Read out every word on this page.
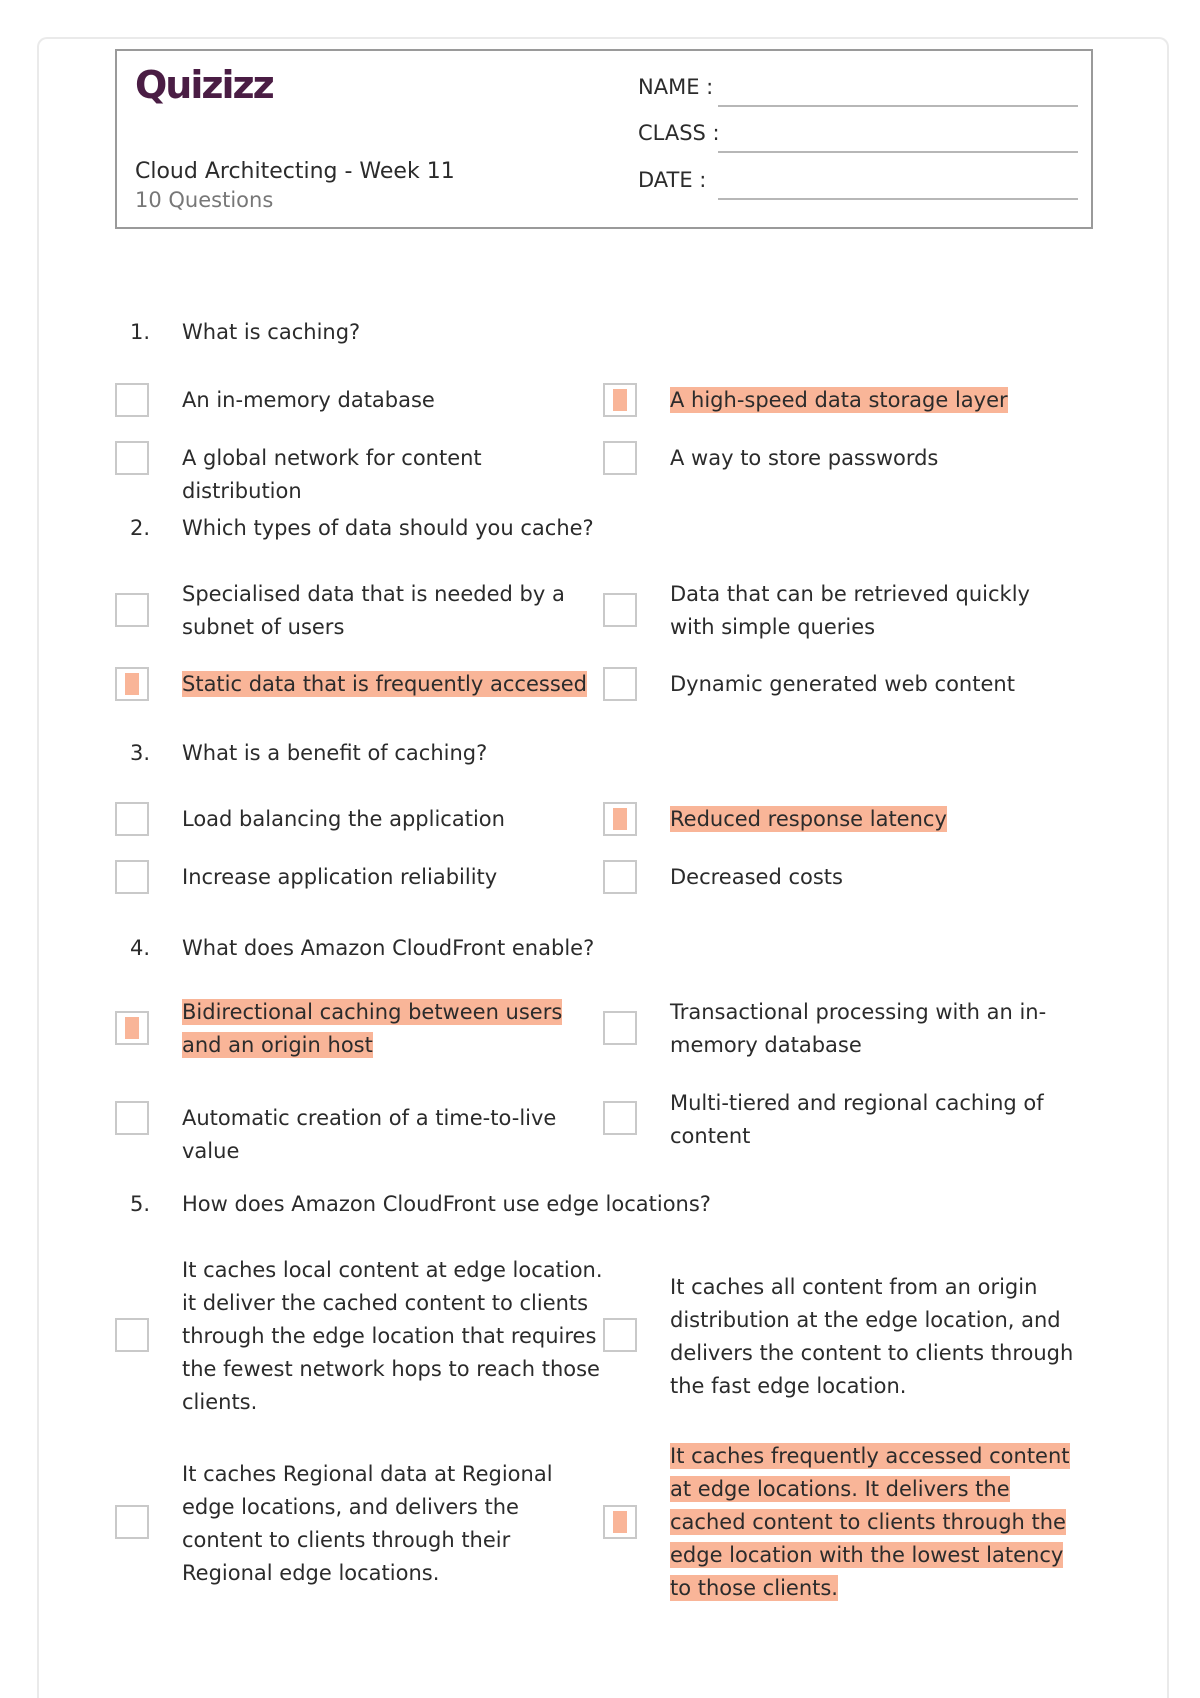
Quizizz
Cloud Architecting - Week 11
10 Questions
NAME :
CLASS :
DATE :
1. What is caching?
An in-memory database	A high-speed data storage layer
A global network for content distribution
A way to store passwords
2. Which types of data should you cache?
Specialised data that is needed by a subnet of users
Data that can be retrieved quickly with simple queries
Static data that is frequently accessed	Dynamic generated web content
3. What is a benefit of caching?
Load balancing the application	Reduced response latency
Increase application reliability	Decreased costs
4. What does Amazon CloudFront enable?
Bidirectional caching between users and an origin host
Transactional processing with an in-memory database
Automatic creation of a time-to-live value
Multi-tiered and regional caching of content
5. How does Amazon CloudFront use edge locations?
It caches local content at edge location. it deliver the cached content to clients through the edge location that requires the fewest network hops to reach those clients.
It caches all content from an origin distribution at the edge location, and delivers the content to clients through the fast edge location.
It caches Regional data at Regional edge locations, and delivers the content to clients through their Regional edge locations.
It caches frequently accessed content at edge locations. It delivers the cached content to clients through the edge location with the lowest latency to those clients.
